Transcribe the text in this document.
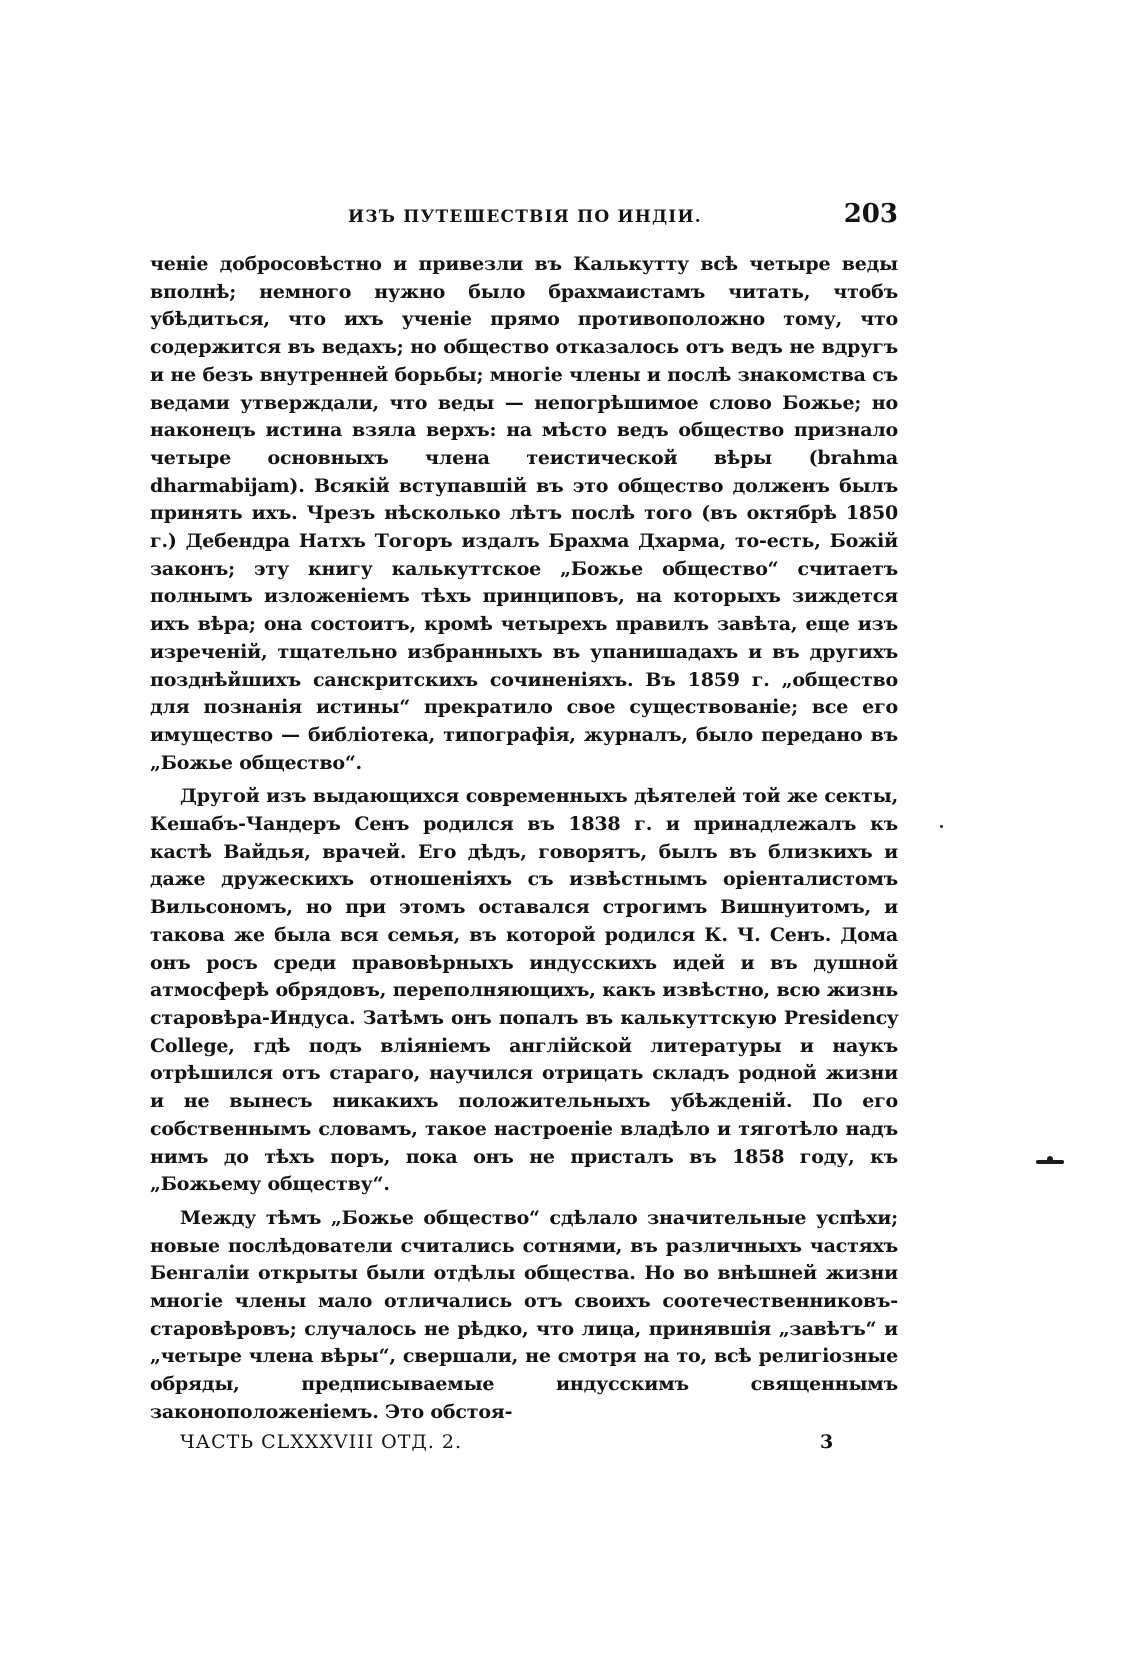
ИЗЪ ПУТЕШЕСТВІЯ ПО ИНДІИ.	203

ченіе добросовѣстно и привезли въ Калькутту всѣ четыре веды вполнѣ; немного нужно было брахмаистамъ читать, чтобъ убѣдиться, что ихъ ученіе прямо противоположно тому, что содержится въ ведахъ; но общество отказалось отъ ведъ не вдругъ и не безъ внутренней борьбы; многіе члены и послѣ знакомства съ ведами утверждали, что веды — непогрѣшимое слово Божье; но наконецъ истина взяла верхъ: на мѣсто ведъ общество признало четыре основныхъ члена теистической вѣры (brahma dharmabijam). Всякій вступавшій въ это общество долженъ былъ принять ихъ. Чрезъ нѣсколько лѣтъ послѣ того (въ октябрѣ 1850 г.) Дебендра Натхъ Тогоръ издалъ Брахма Дхарма, то-есть, Божій законъ; эту книгу калькуттское „Божье общество“ считаетъ полнымъ изложеніемъ тѣхъ принциповъ, на которыхъ зиждется ихъ вѣра; она состоитъ, кромѣ четырехъ правилъ завѣта, еще изъ изреченій, тщательно избранныхъ въ упанишадахъ и въ другихъ позднѣйшихъ санскритскихъ сочиненіяхъ. Въ 1859 г. „общество для познанія истины“ прекратило свое существованіе; все его имущество — библіотека, типографія, журналъ, было передано въ „Божье общество“.

Другой изъ выдающихся современныхъ дѣятелей той же секты, Кешабъ-Чандеръ Сенъ родился въ 1838 г. и принадлежалъ къ кастѣ Вайдья, врачей. Его дѣдъ, говорятъ, былъ въ близкихъ и даже дружескихъ отношеніяхъ съ извѣстнымъ оріенталистомъ Вильсономъ, но при этомъ оставался строгимъ Вишнуитомъ, и такова же была вся семья, въ которой родился К. Ч. Сенъ. Дома онъ росъ среди правовѣрныхъ индусскихъ идей и въ душной атмосферѣ обрядовъ, переполняющихъ, какъ извѣстно, всю жизнь старовѣра-Индуса. Затѣмъ онъ попалъ въ калькуттскую Presidency College, гдѣ подъ вліяніемъ англійской литературы и наукъ отрѣшился отъ стараго, научился отрицать складъ родной жизни и не вынесъ никакихъ положительныхъ убѣжденій. По его собственнымъ словамъ, такое настроеніе владѣло и тяготѣло надъ нимъ до тѣхъ поръ, пока онъ не присталъ въ 1858 году, къ „Божьему обществу“.

Между тѣмъ „Божье общество“ сдѣлало значительные успѣхи; новые послѣдователи считались сотнями, въ различныхъ частяхъ Бенгаліи открыты были отдѣлы общества. Но во внѣшней жизни многіе члены мало отличались отъ своихъ соотечественниковъ-старовѣровъ; случалось не рѣдко, что лица, принявшія „завѣтъ“ и „четыре члена вѣры“, свершали, не смотря на то, всѣ религіозные обряды, предписываемые индусскимъ священнымъ законоположеніемъ. Это обстоя-

ЧАСТЬ CLXXXVIII ОТД. 2.	3
